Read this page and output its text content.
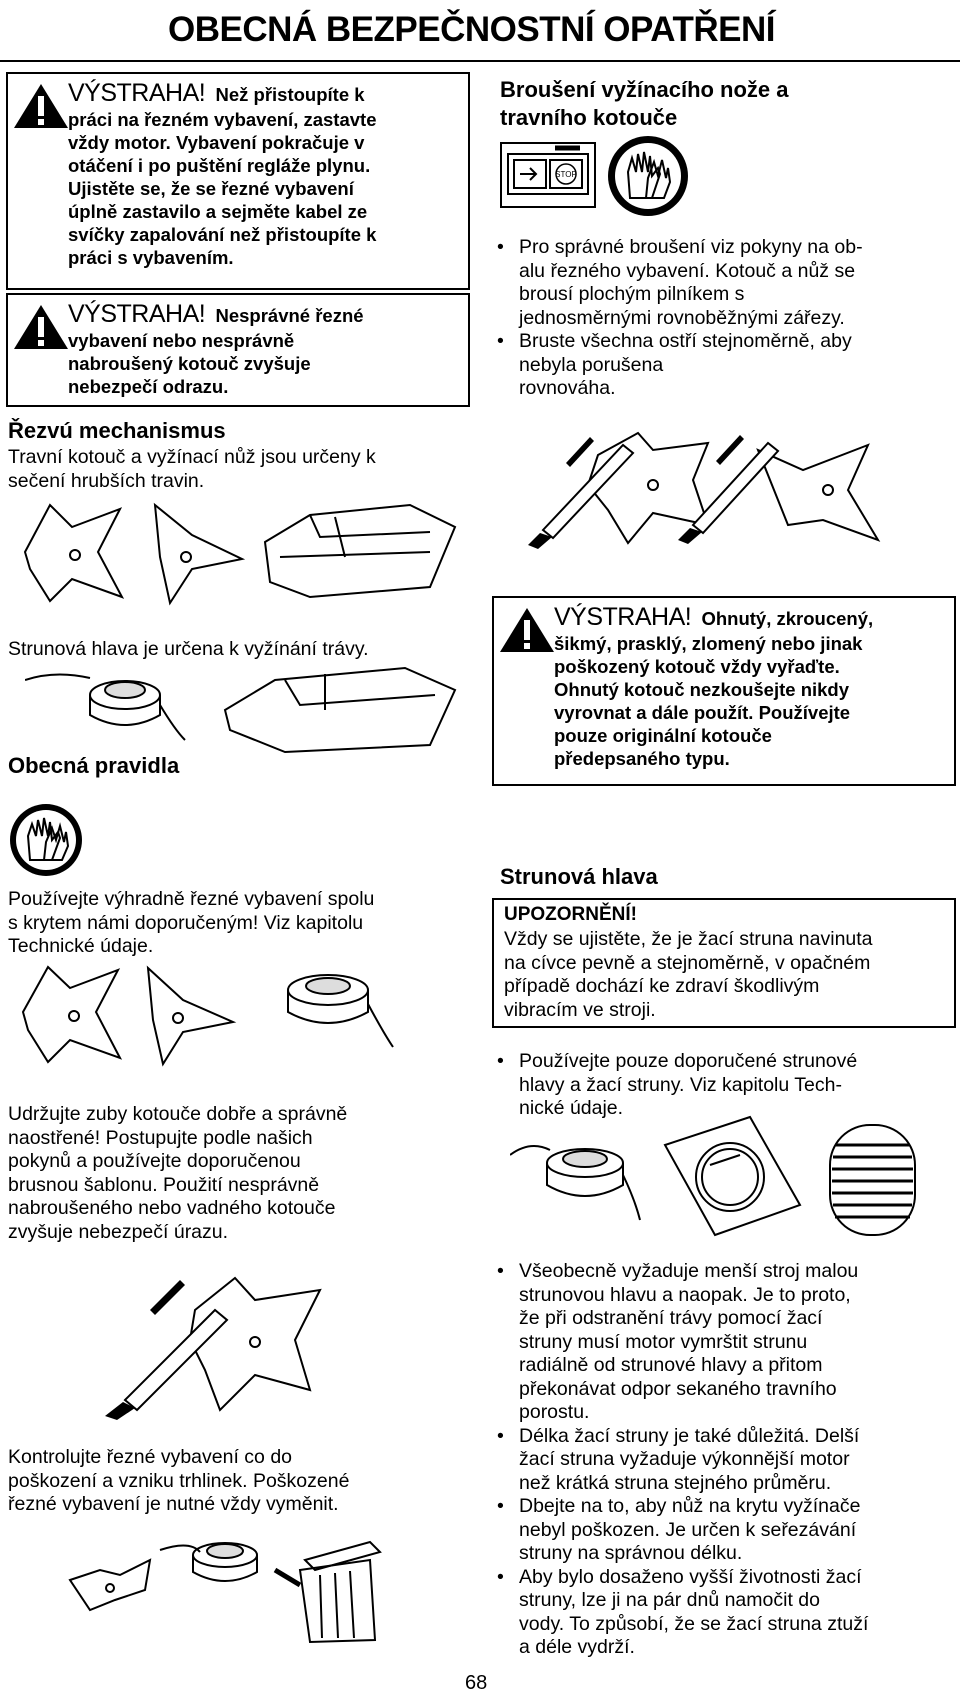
OBECNÁ BEZPEČNOSTNÍ OPATŘENÍ
VÝSTRAHA! Než přistoupíte k
práci na řezném vybavení, zastavte
vždy motor. Vybavení pokračuje v
otáčení i po puštění regláže plynu.
Ujistěte se, že se řezné vybavení
úplně zastavilo a sejměte kabel ze
svíčky zapalování než přistoupíte k
práci s vybavením.
VÝSTRAHA! Nesprávné řezné
vybavení nebo nesprávně
nabroušený kotouč zvyšuje
nebezpečí odrazu.
Řezvú mechanismus
Travní kotouč a vyžínací nůž jsou určeny k
sečení hrubších travin.
Strunová hlava je určena k vyžínání trávy.
Obecná pravidla
Používejte výhradně řezné vybavení spolu
s krytem námi doporučeným! Viz kapitolu
Technické údaje.
Udržujte zuby kotouče dobře a správně
naostřené! Postupujte podle našich
pokynů a používejte doporučenou
brusnou šablonu. Použití nesprávně
nabroušeného nebo vadného kotouče
zvyšuje nebezpečí úrazu.
Kontrolujte řezné vybavení co do
poškození a vzniku trhlinek. Poškozené
řezné vybavení je nutné vždy vyměnit.
Broušení vyžínacího nože a
travního kotouče
STOP
• Pro správné broušení viz pokyny na ob-
alu řezného vybavení. Kotouč a nůž se
brousí plochým pilníkem s
jednosměrnými rovnoběžnými zářezy.
• Bruste všechna ostří stejnoměrně, aby
nebyla porušena
rovnováha.
VÝSTRAHA! Ohnutý, zkroucený,
šikmý, prasklý, zlomený nebo jinak
poškozený kotouč vždy vyřaďte.
Ohnutý kotouč nezkoušejte nikdy
vyrovnat a dále použít. Používejte
pouze originální kotouče
předepsaného typu.
Strunová hlava
UPOZORNĚNÍ!
Vždy se ujistěte, že je žací struna navinuta
na cívce pevně a stejnoměrně, v opačném
případě dochází ke zdraví škodlivým
vibracím ve stroji.
• Používejte pouze doporučené strunové
hlavy a žací struny. Viz kapitolu Tech-
nické údaje.
• Všeobecně vyžaduje menší stroj malou
strunovou hlavu a naopak. Je to proto,
že při odstranění trávy pomocí žací
struny musí motor vymrštit strunu
radiálně od strunové hlavy a přitom
překonávat odpor sekaného travního
porostu.
• Délka žací struny je také důležitá. Delší
žací struna vyžaduje výkonnější motor
než krátká struna stejného průměru.
• Dbejte na to, aby nůž na krytu vyžínače
nebyl poškozen. Je určen k seřezávání
struny na správnou délku.
• Aby bylo dosaženo vyšší životnosti žací
struny, lze ji na pár dnů namočit do
vody. To způsobí, že se žací struna ztuží
a déle vydrží.
68
